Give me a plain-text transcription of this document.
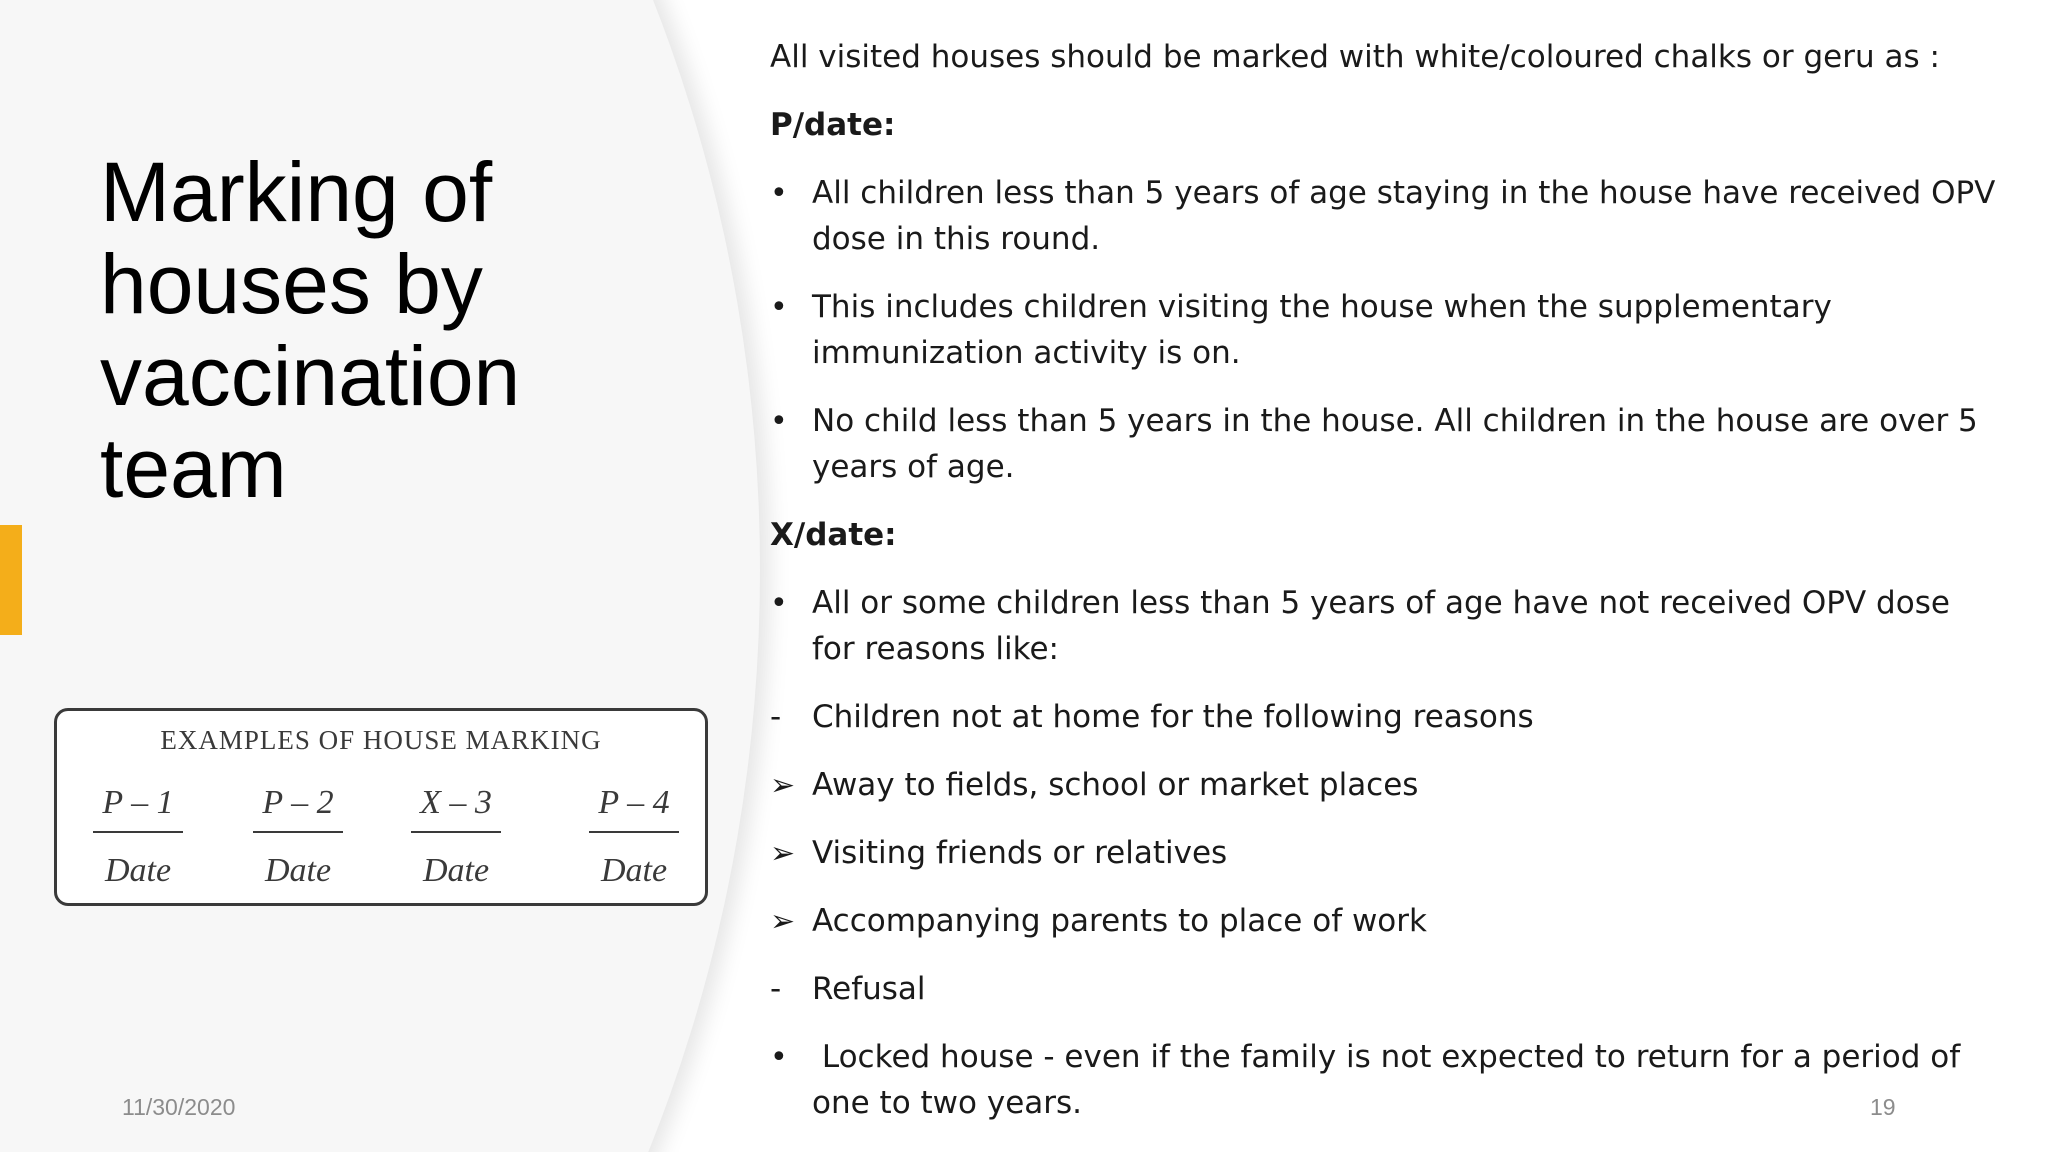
Marking of
houses by
vaccination
team
EXAMPLES OF HOUSE MARKING
P – 1
Date
P – 2
Date
X – 3
Date
P – 4
Date
11/30/2020	19
All visited houses should be marked with white/coloured chalks or geru as :
P/date:
• All children less than 5 years of age staying in the house have received OPV
dose in this round.
• This includes children visiting the house when the supplementary
immunization activity is on.
• No child less than 5 years in the house. All children in the house are over 5
years of age.
X/date:
• All or some children less than 5 years of age have not received OPV dose
for reasons like:
- Children not at home for the following reasons
➢ Away to fields, school or market places
➢ Visiting friends or relatives
➢ Accompanying parents to place of work
- Refusal
• Locked house - even if the family is not expected to return for a period of
one to two years.
